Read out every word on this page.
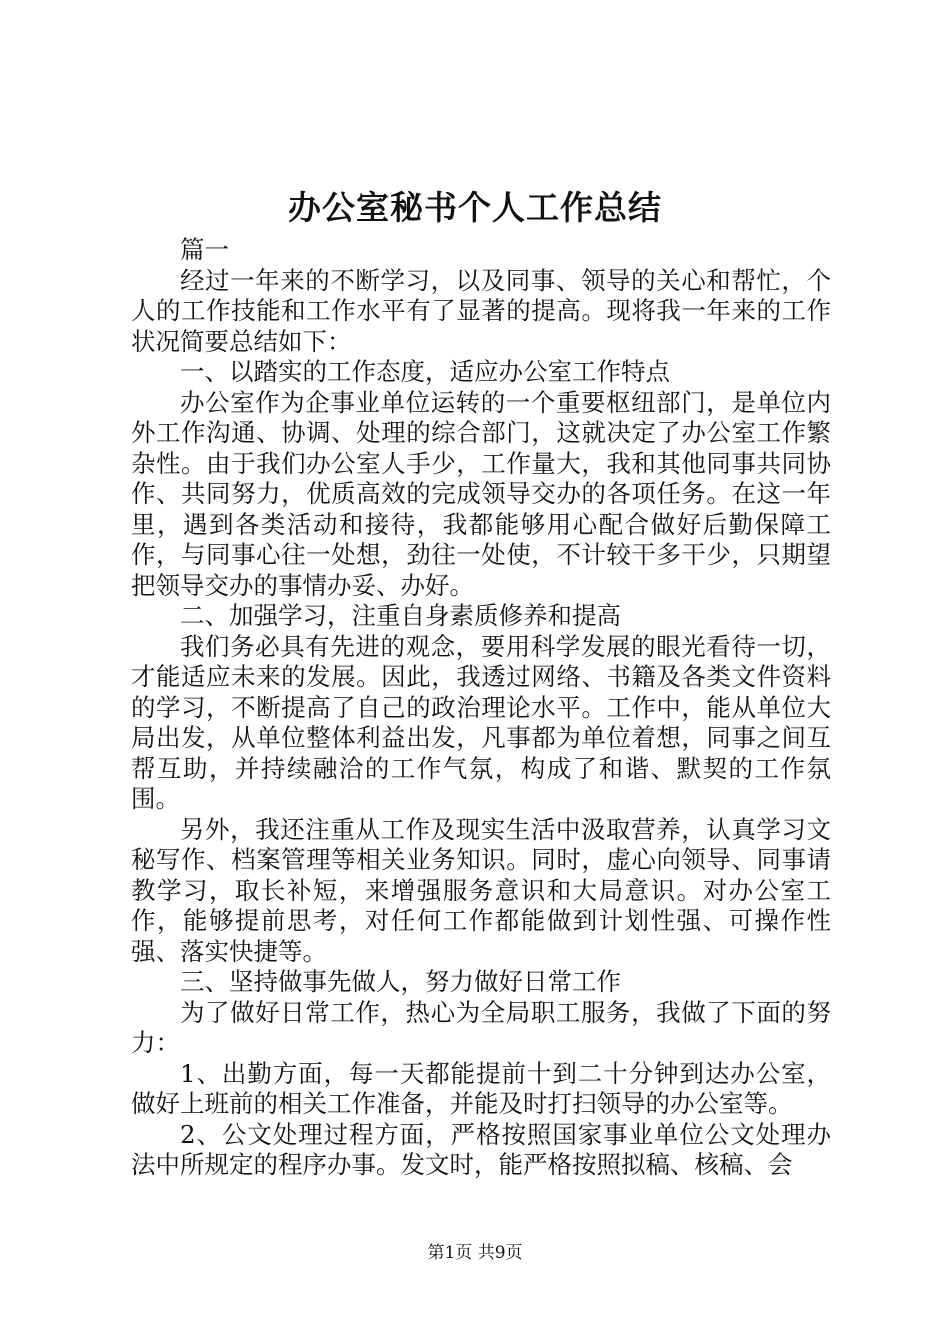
办公室秘书个人工作总结

篇一

经过一年来的不断学习，以及同事、领导的关心和帮忙，个人的工作技能和工作水平有了显著的提高。现将我一年来的工作状况简要总结如下：

一、以踏实的工作态度，适应办公室工作特点

办公室作为企事业单位运转的一个重要枢纽部门，是单位内外工作沟通、协调、处理的综合部门，这就决定了办公室工作繁杂性。由于我们办公室人手少，工作量大，我和其他同事共同协作、共同努力，优质高效的完成领导交办的各项任务。在这一年里，遇到各类活动和接待，我都能够用心配合做好后勤保障工作，与同事心往一处想，劲往一处使，不计较干多干少，只期望把领导交办的事情办妥、办好。

二、加强学习，注重自身素质修养和提高

我们务必具有先进的观念，要用科学发展的眼光看待一切，才能适应未来的发展。因此，我透过网络、书籍及各类文件资料的学习，不断提高了自己的政治理论水平。工作中，能从单位大局出发，从单位整体利益出发，凡事都为单位着想，同事之间互帮互助，并持续融洽的工作气氛，构成了和谐、默契的工作氛围。

另外，我还注重从工作及现实生活中汲取营养，认真学习文秘写作、档案管理等相关业务知识。同时，虚心向领导、同事请教学习，取长补短，来增强服务意识和大局意识。对办公室工作，能够提前思考，对任何工作都能做到计划性强、可操作性强、落实快捷等。

三、坚持做事先做人，努力做好日常工作

为了做好日常工作，热心为全局职工服务，我做了下面的努力：

1、出勤方面，每一天都能提前十到二十分钟到达办公室，做好上班前的相关工作准备，并能及时打扫领导的办公室等。

2、公文处理过程方面，严格按照国家事业单位公文处理办法中所规定的程序办事。发文时，能严格按照拟稿、核稿、会

第1页 共9页
